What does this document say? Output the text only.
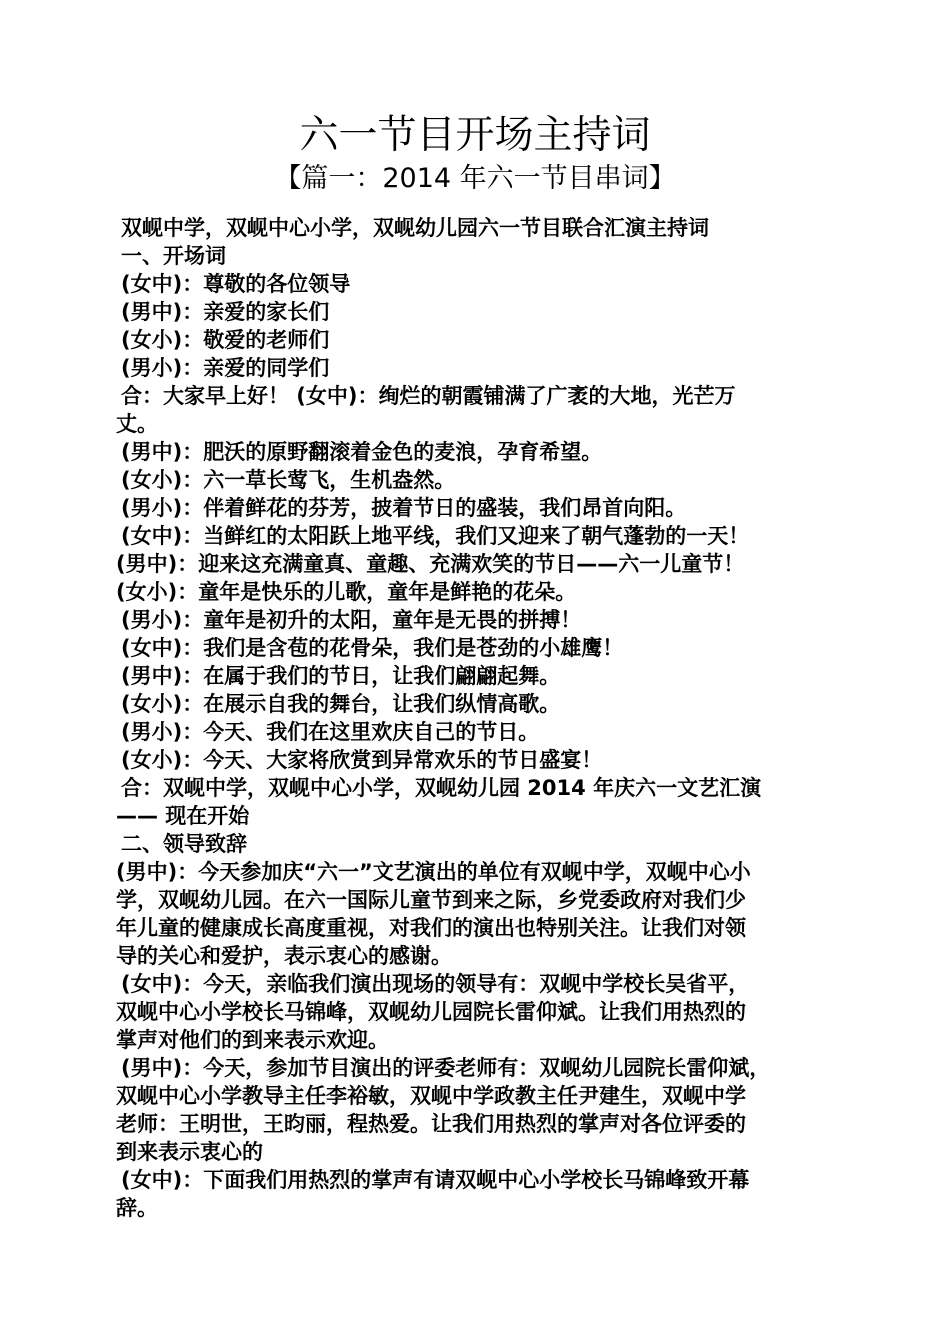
六一节目开场主持词
【篇一：2014 年六一节目串词】
双岘中学，双岘中心小学，双岘幼儿园六一节目联合汇演主持词
一、开场词
(女中)：尊敬的各位领导
(男中)：亲爱的家长们
(女小)：敬爱的老师们
(男小)：亲爱的同学们
合：大家早上好！ (女中)：绚烂的朝霞铺满了广袤的大地，光芒万
丈。
(男中)：肥沃的原野翻滚着金色的麦浪，孕育希望。
(女小)：六一草长莺飞，生机盎然。
(男小)：伴着鲜花的芬芳，披着节日的盛装，我们昂首向阳。
(女中)：当鲜红的太阳跃上地平线，我们又迎来了朝气蓬勃的一天！
(男中)：迎来这充满童真、童趣、充满欢笑的节日——六一儿童节！
(女小)：童年是快乐的儿歌，童年是鲜艳的花朵。
(男小)：童年是初升的太阳，童年是无畏的拼搏！
(女中)：我们是含苞的花骨朵，我们是苍劲的小雄鹰！
(男中)：在属于我们的节日，让我们翩翩起舞。
(女小)：在展示自我的舞台，让我们纵情高歌。
(男小)：今天、我们在这里欢庆自己的节日。
(女小)：今天、大家将欣赏到异常欢乐的节日盛宴！
合：双岘中学，双岘中心小学，双岘幼儿园 2014 年庆六一文艺汇演
—— 现在开始
二、领导致辞
(男中)：今天参加庆“六一”文艺演出的单位有双岘中学，双岘中心小
学，双岘幼儿园。在六一国际儿童节到来之际，乡党委政府对我们少
年儿童的健康成长高度重视，对我们的演出也特别关注。让我们对领
导的关心和爱护，表示衷心的感谢。
(女中)：今天，亲临我们演出现场的领导有：双岘中学校长吴省平，
双岘中心小学校长马锦峰，双岘幼儿园院长雷仰斌。让我们用热烈的
掌声对他们的到来表示欢迎。
(男中)：今天，参加节目演出的评委老师有：双岘幼儿园院长雷仰斌，
双岘中心小学教导主任李裕敏，双岘中学政教主任尹建生，双岘中学
老师：王明世，王昀丽，程热爱。让我们用热烈的掌声对各位评委的
到来表示衷心的
(女中)：下面我们用热烈的掌声有请双岘中心小学校长马锦峰致开幕
辞。
